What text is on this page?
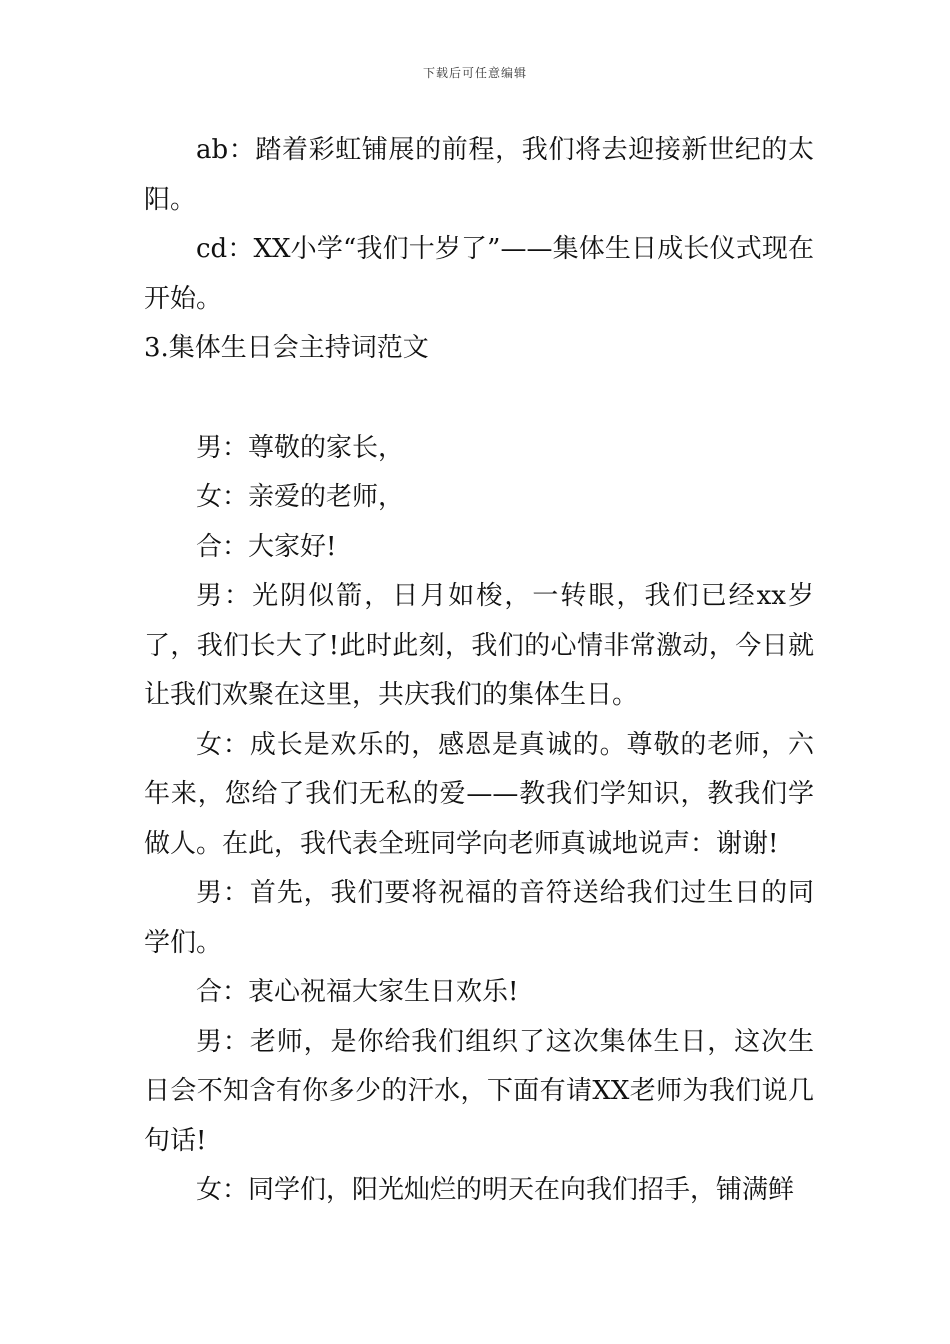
下载后可任意编辑

ab：踏着彩虹铺展的前程，我们将去迎接新世纪的太阳。

cd：XX小学“我们十岁了”——集体生日成长仪式现在开始。

3.集体生日会主持词范文

男：尊敬的家长，

女：亲爱的老师，

合：大家好!

男：光阴似箭，日月如梭，一转眼，我们已经xx岁了，我们长大了!此时此刻，我们的心情非常激动，今日就让我们欢聚在这里，共庆我们的集体生日。

女：成长是欢乐的，感恩是真诚的。尊敬的老师，六年来，您给了我们无私的爱——教我们学知识，教我们学做人。在此，我代表全班同学向老师真诚地说声：谢谢!

男：首先，我们要将祝福的音符送给我们过生日的同学们。

合：衷心祝福大家生日欢乐!

男：老师，是你给我们组织了这次集体生日，这次生日会不知含有你多少的汗水，下面有请XX老师为我们说几句话!

女：同学们，阳光灿烂的明天在向我们招手，铺满鲜
